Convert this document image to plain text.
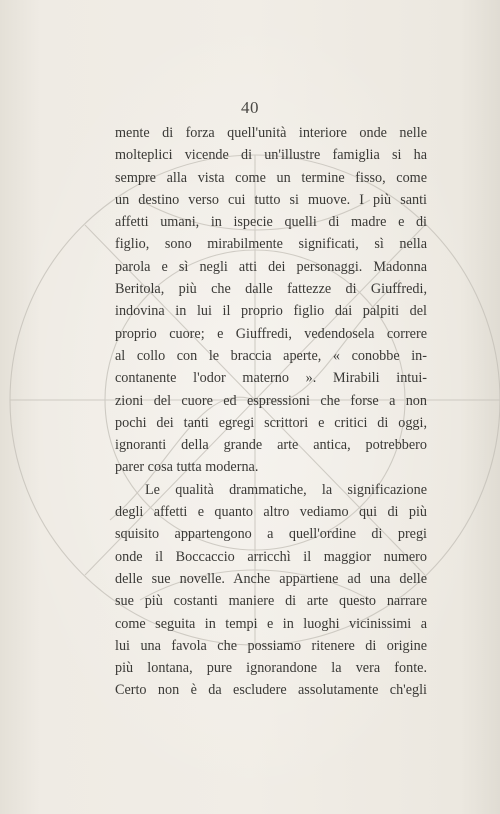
40
mente di forza quell'unità interiore onde nelle
molteplici vicende di un'illustre famiglia si ha
sempre alla vista come un termine fisso, come
un destino verso cui tutto si muove. I più santi
affetti umani, in ispecie quelli di madre e di
figlio, sono mirabilmente significati, sì nella
parola e sì negli atti dei personaggi. Madonna
Beritola, più che dalle fattezze di Giuffredi,
indovina in lui il proprio figlio dai palpiti del
proprio cuore; e Giuffredi, vedendosela correre
al collo con le braccia aperte, « conobbe in-
contanente l'odor materno ». Mirabili intui-
zioni del cuore ed espressioni che forse a non
pochi dei tanti egregi scrittori e critici di oggi,
ignoranti della grande arte antica, potrebbero
parer cosa tutta moderna.
Le qualità drammatiche, la significazione
degli affetti e quanto altro vediamo qui di più
squisito appartengono a quell'ordine di pregi
onde il Boccaccio arricchì il maggior numero
delle sue novelle. Anche appartiene ad una delle
sue più costanti maniere di arte questo narrare
come seguita in tempi e in luoghi vicinissimi a
lui una favola che possiamo ritenere di origine
più lontana, pure ignorandone la vera fonte.
Certo non è da escludere assolutamente ch'egli
